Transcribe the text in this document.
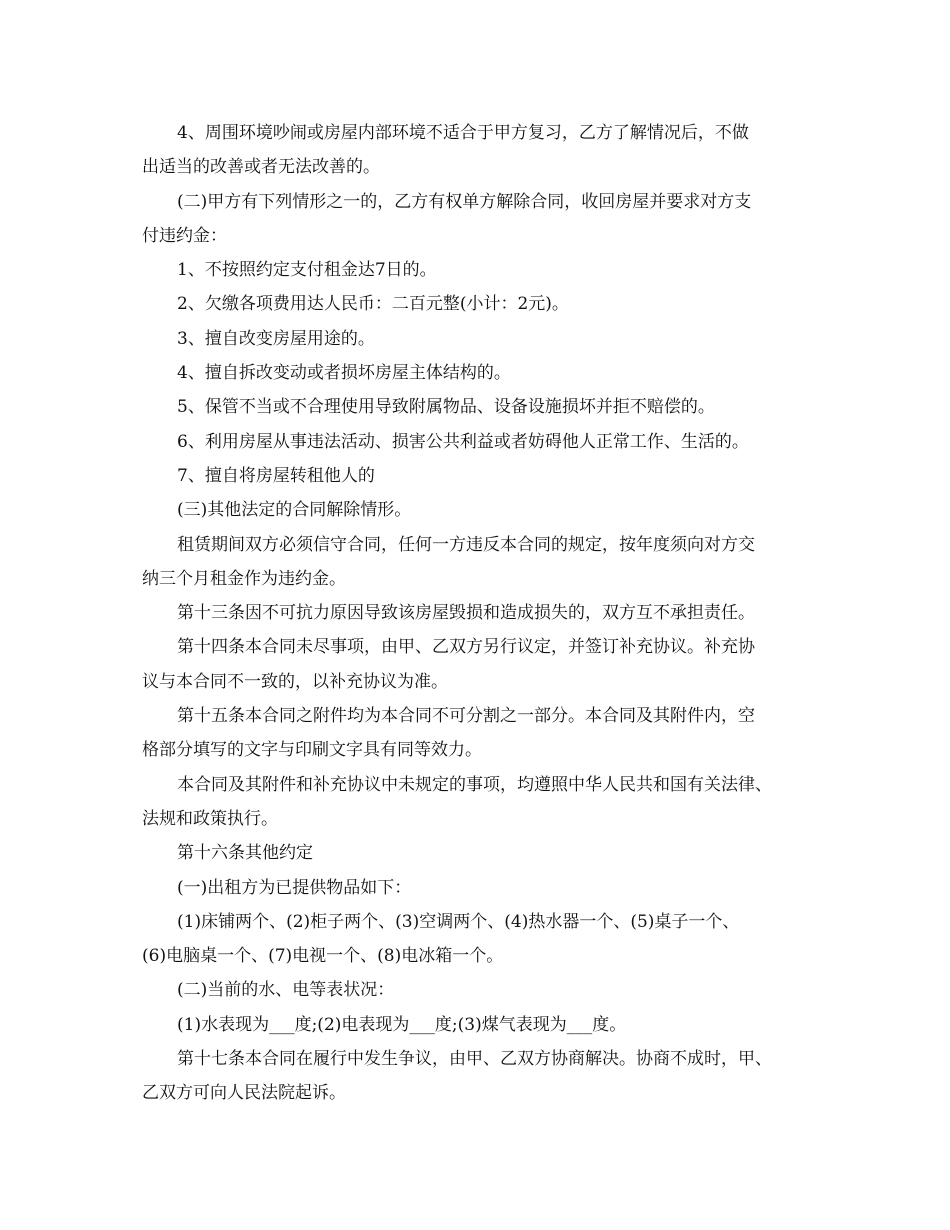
4、周围环境吵闹或房屋内部环境不适合于甲方复习，乙方了解情况后，不做
出适当的改善或者无法改善的。

(二)甲方有下列情形之一的，乙方有权单方解除合同，收回房屋并要求对方支
付违约金：

1、不按照约定支付租金达7日的。

2、欠缴各项费用达人民币：二百元整(小计：2元)。

3、擅自改变房屋用途的。

4、擅自拆改变动或者损坏房屋主体结构的。

5、保管不当或不合理使用导致附属物品、设备设施损坏并拒不赔偿的。

6、利用房屋从事违法活动、损害公共利益或者妨碍他人正常工作、生活的。

7、擅自将房屋转租他人的

(三)其他法定的合同解除情形。

租赁期间双方必须信守合同，任何一方违反本合同的规定，按年度须向对方交
纳三个月租金作为违约金。

第十三条因不可抗力原因导致该房屋毁损和造成损失的，双方互不承担责任。

第十四条本合同未尽事项，由甲、乙双方另行议定，并签订补充协议。补充协
议与本合同不一致的，以补充协议为准。

第十五条本合同之附件均为本合同不可分割之一部分。本合同及其附件内，空
格部分填写的文字与印刷文字具有同等效力。

本合同及其附件和补充协议中未规定的事项，均遵照中华人民共和国有关法律、
法规和政策执行。

第十六条其他约定

(一)出租方为已提供物品如下：

(1)床铺两个、(2)柜子两个、(3)空调两个、(4)热水器一个、(5)桌子一个、
(6)电脑桌一个、(7)电视一个、(8)电冰箱一个。

(二)当前的水、电等表状况：

(1)水表现为___度;(2)电表现为___度;(3)煤气表现为___度。

第十七条本合同在履行中发生争议，由甲、乙双方协商解决。协商不成时，甲、
乙双方可向人民法院起诉。
